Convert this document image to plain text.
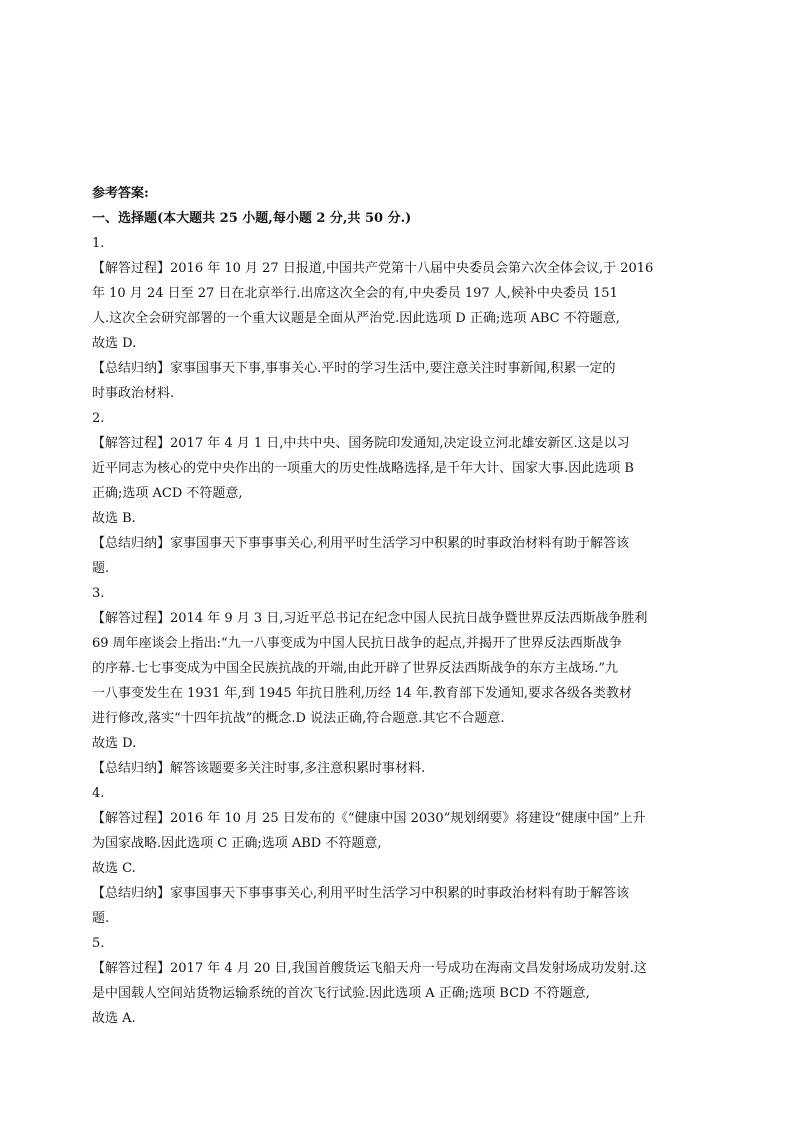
参考答案:
一、选择题(本大题共 25 小题,每小题 2 分,共 50 分.)
1.
【解答过程】2016 年 10 月 27 日报道,中国共产党第十八届中央委员会第六次全体会议,于 2016
年 10 月 24 日至 27 日在北京举行.出席这次全会的有,中央委员 197 人,候补中央委员 151
人.这次全会研究部署的一个重大议题是全面从严治党.因此选项 D 正确;选项 ABC 不符题意,
故选 D.
【总结归纳】家事国事天下事,事事关心.平时的学习生活中,要注意关注时事新闻,积累一定的
时事政治材料.
2.
【解答过程】2017 年 4 月 1 日,中共中央、国务院印发通知,决定设立河北雄安新区.这是以习
近平同志为核心的党中央作出的一项重大的历史性战略选择,是千年大计、国家大事.因此选项 B
正确;选项 ACD 不符题意,
故选 B.
【总结归纳】家事国事天下事事事关心,利用平时生活学习中积累的时事政治材料有助于解答该
题.
3.
【解答过程】2014 年 9 月 3 日,习近平总书记在纪念中国人民抗日战争暨世界反法西斯战争胜利
69 周年座谈会上指出:“九一八事变成为中国人民抗日战争的起点,并揭开了世界反法西斯战争
的序幕.七七事变成为中国全民族抗战的开端,由此开辟了世界反法西斯战争的东方主战场.”九
一八事变发生在 1931 年,到 1945 年抗日胜利,历经 14 年.教育部下发通知,要求各级各类教材
进行修改,落实“十四年抗战”的概念.D 说法正确,符合题意.其它不合题意.
故选 D.
【总结归纳】解答该题要多关注时事,多注意积累时事材料.
4.
【解答过程】2016 年 10 月 25 日发布的《“健康中国 2030”规划纲要》将建设“健康中国”上升
为国家战略.因此选项 C 正确;选项 ABD 不符题意,
故选 C.
【总结归纳】家事国事天下事事事关心,利用平时生活学习中积累的时事政治材料有助于解答该
题.
5.
【解答过程】2017 年 4 月 20 日,我国首艘货运飞船天舟一号成功在海南文昌发射场成功发射.这
是中国载人空间站货物运输系统的首次飞行试验.因此选项 A 正确;选项 BCD 不符题意,
故选 A.
